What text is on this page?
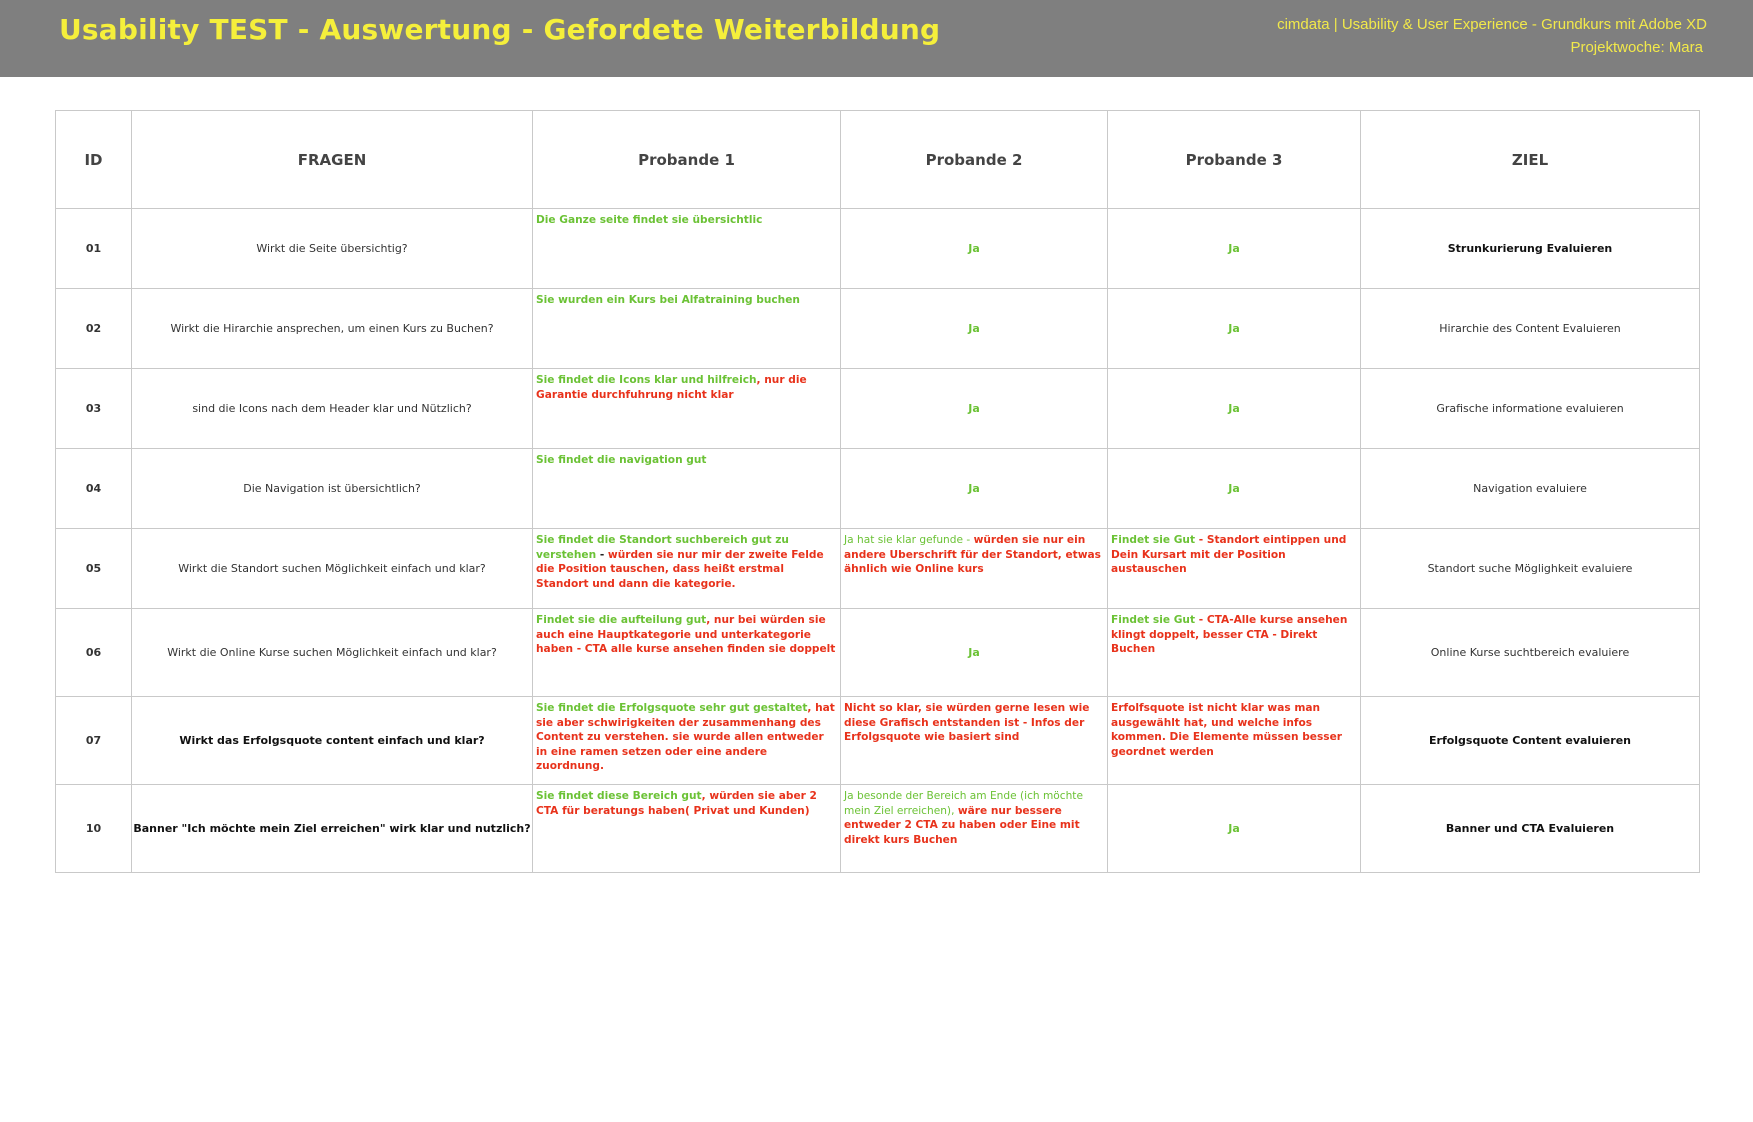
Usability TEST - Auswertung - Gefordete Weiterbildung	cimdata | Usability & User Experience - Grundkurs mit Adobe XD
Projektwoche: Mara
ID	FRAGEN	Probande 1	Probande 2	Probande 3	ZIEL
01	Wirkt die Seite übersichtig?	Die Ganze seite findet sie übersichtlic	Ja	Ja	Strunkurierung Evaluieren
02	Wirkt die Hirarchie ansprechen, um einen Kurs zu Buchen?	Sie wurden ein Kurs bei Alfatraining buchen	Ja	Ja	Hirarchie des Content Evaluieren
03	sind die Icons nach dem Header klar und Nützlich?	Sie findet die Icons klar und hilfreich, nur die Garantie durchfuhrung nicht klar	Ja	Ja	Grafische informatione evaluieren
04	Die Navigation ist übersichtlich?	Sie findet die navigation gut	Ja	Ja	Navigation evaluiere
05	Wirkt die Standort suchen Möglichkeit einfach und klar?	Sie findet die Standort suchbereich gut zu verstehen - würden sie nur mir der zweite Felde die Position tauschen, dass heißt erstmal Standort und dann die kategorie.	Ja hat sie klar gefunde - würden sie nur ein andere Uberschrift für der Standort, etwas ähnlich wie Online kurs	Findet sie Gut - Standort eintippen und Dein Kursart mit der Position austauschen	Standort suche Möglighkeit evaluiere
06	Wirkt die Online Kurse suchen Möglichkeit einfach und klar?	Findet sie die aufteilung gut, nur bei würden sie auch eine Hauptkategorie und unterkategorie haben - CTA alle kurse ansehen finden sie doppelt	Ja	Findet sie Gut - CTA-Alle kurse ansehen klingt doppelt, besser CTA - Direkt Buchen	Online Kurse suchtbereich evaluiere
07	Wirkt das Erfolgsquote content einfach und klar?	Sie findet die Erfolgsquote sehr gut gestaltet, hat sie aber schwirigkeiten der zusammenhang des Content zu verstehen. sie wurde allen entweder in eine ramen setzen oder eine andere zuordnung.	Nicht so klar, sie würden gerne lesen wie diese Grafisch entstanden ist - Infos der Erfolgsquote wie basiert sind	Erfolfsquote ist nicht klar was man ausgewählt hat, und welche infos kommen. Die Elemente müssen besser geordnet werden	Erfolgsquote Content evaluieren
10	Banner "Ich möchte mein Ziel erreichen" wirk klar und nutzlich?	Sie findet diese Bereich gut, würden sie aber 2 CTA für beratungs haben( Privat und Kunden)	Ja besonde der Bereich am Ende (ich möchte mein Ziel erreichen), wäre nur bessere entweder 2 CTA zu haben oder Eine mit direkt kurs Buchen	Ja	Banner und CTA Evaluieren
